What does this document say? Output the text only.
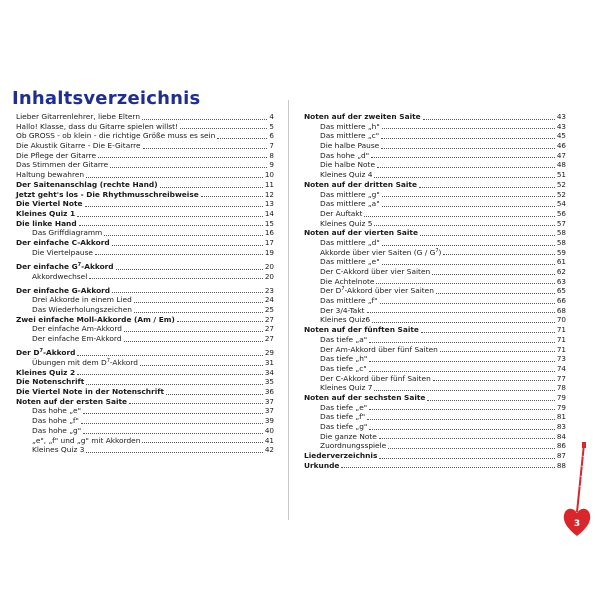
Inhaltsverzeichnis
Lieber Gitarrenlehrer, liebe Eltern	4
Hallo! Klasse, dass du Gitarre spielen willst!	5
Ob GROSS - ob klein - die richtige Größe muss es sein	6
Die Akustik Gitarre - Die E-Gitarre	7
Die Pflege der Gitarre	8
Das Stimmen der Gitarre	9
Haltung bewahren	10
Der Saitenanschlag (rechte Hand)	11
Jetzt geht's los - Die Rhythmusschreibweise	12
Die Viertel Note	13
Kleines Quiz 1	14
Die linke Hand	15
Das Griffdiagramm	16
Der einfache C-Akkord	17
Die Viertelpause	19
Der einfache $G^7$-Akkord	20
Akkordwechsel	20
Der einfache G-Akkord	23
Drei Akkorde in einem Lied	24
Das Wiederholungszeichen	25
Zwei einfache Moll-Akkorde (Am / Em)	27
Der einfache Am-Akkord	27
Der einfache Em-Akkord	27
Der $D^7$-Akkord	29
Übungen mit dem $D^7$-Akkord	31
Kleines Quiz 2	34
Die Notenschrift	35
Die Viertel Note in der Notenschrift	36
Noten auf der ersten Saite	37
Das hohe „e"	37
Das hohe „f"	39
Das hohe „g"	40
„e", „f" und „g" mit Akkorden	41
Kleines Quiz 3	42
Noten auf der zweiten Saite	43
Das mittlere „h"	43
Das mittlere „c"	45
Die halbe Pause	46
Das hohe „d"	47
Die halbe Note	48
Kleines Quiz 4	51
Noten auf der dritten Saite	52
Das mittlere „g"	52
Das mittlere „a"	54
Der Auftakt	56
Kleines Quiz 5	57
Noten auf der vierten Saite	58
Das mittlere „d"	58
Akkorde über vier Saiten $(G / G^7)$	59
Das mittlere „e"	61
Der C-Akkord über vier Saiten	62
Die Achtelnote	63
Der $D^7$-Akkord über vier Saiten	65
Das mittlere „f"	66
Der 3/4-Takt	68
Kleines Quiz6	70
Noten auf der fünften Saite	71
Das tiefe „a"	71
Der Am-Akkord über fünf Saiten	71
Das tiefe „h"	73
Das tiefe „c"	74
Der C-Akkord über fünf Saiten	77
Kleines Quiz 7	78
Noten auf der sechsten Saite	79
Das tiefe „e"	79
Das tiefe „f"	81
Das tiefe „g"	83
Die ganze Note	84
Zuordnungsspiele	86
Liederverzeichnis	87
Urkunde	88
3
